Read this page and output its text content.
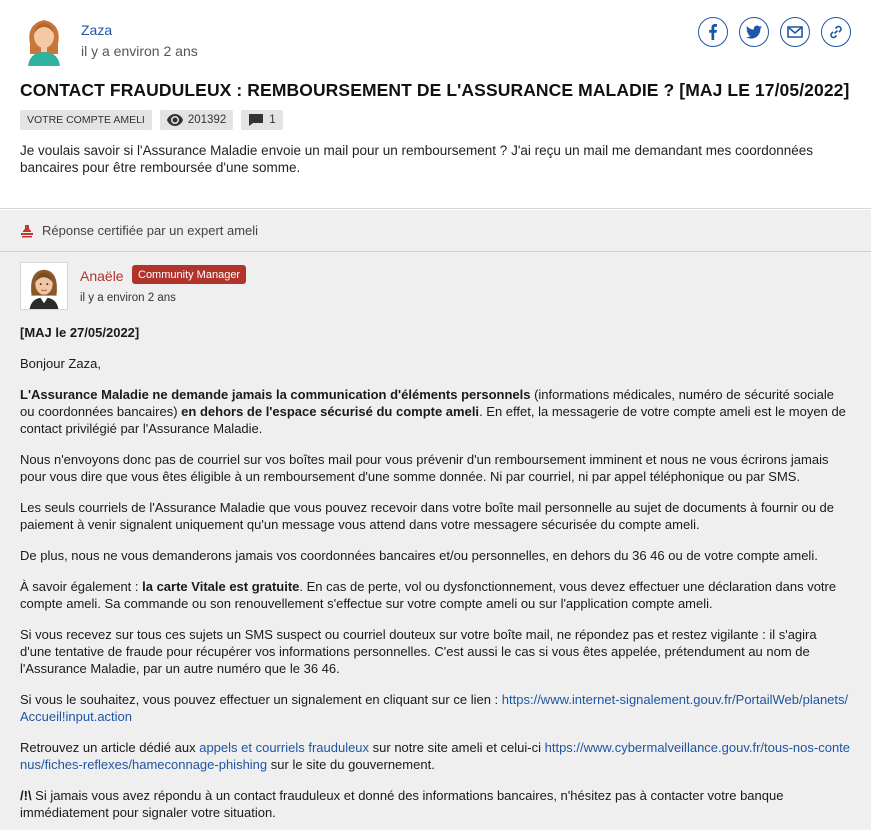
Zaza
il y a environ 2 ans
CONTACT FRAUDULEUX : REMBOURSEMENT DE L'ASSURANCE MALADIE ? [MAJ LE 17/05/2022]
VOTRE COMPTE AMELI	201392	1

Je voulais savoir si l'Assurance Maladie envoie un mail pour un remboursement ? J'ai reçu un mail me demandant mes coordonnées bancaires pour être remboursée d'une somme.

Réponse certifiée par un expert ameli
Anaële	Community Manager
il y a environ 2 ans

[MAJ le 27/05/2022]

Bonjour Zaza,

L'Assurance Maladie ne demande jamais la communication d'éléments personnels (informations médicales, numéro de sécurité sociale ou coordonnées bancaires) en dehors de l'espace sécurisé du compte ameli. En effet, la messagerie de votre compte ameli est le moyen de contact privilégié par l'Assurance Maladie.

Nous n'envoyons donc pas de courriel sur vos boîtes mail pour vous prévenir d'un remboursement imminent et nous ne vous écrirons jamais pour vous dire que vous êtes éligible à un remboursement d'une somme donnée. Ni par courriel, ni par appel téléphonique ou par SMS.

Les seuls courriels de l'Assurance Maladie que vous pouvez recevoir dans votre boîte mail personnelle au sujet de documents à fournir ou de paiement à venir signalent uniquement qu'un message vous attend dans votre messagere sécurisée du compte ameli.

De plus, nous ne vous demanderons jamais vos coordonnées bancaires et/ou personnelles, en dehors du 36 46 ou de votre compte ameli.

À savoir également : la carte Vitale est gratuite. En cas de perte, vol ou dysfonctionnement, vous devez effectuer une déclaration dans votre compte ameli. Sa commande ou son renouvellement s'effectue sur votre compte ameli ou sur l'application compte ameli.

Si vous recevez sur tous ces sujets un SMS suspect ou courriel douteux sur votre boîte mail, ne répondez pas et restez vigilante : il s'agira d'une tentative de fraude pour récupérer vos informations personnelles. C'est aussi le cas si vous êtes appelée, prétendument au nom de l'Assurance Maladie, par un autre numéro que le 36 46.

Si vous le souhaitez, vous pouvez effectuer un signalement en cliquant sur ce lien : https://www.internet-signalement.gouv.fr/PortailWeb/planets/Accueil!input.action

Retrouvez un article dédié aux appels et courriels frauduleux sur notre site ameli et celui-ci https://www.cybermalveillance.gouv.fr/tous-nos-contenus/fiches-reflexes/hameconnage-phishing sur le site du gouvernement.

/!\ Si jamais vous avez répondu à un contact frauduleux et donné des informations bancaires, n'hésitez pas à contacter votre banque immédiatement pour signaler votre situation.
